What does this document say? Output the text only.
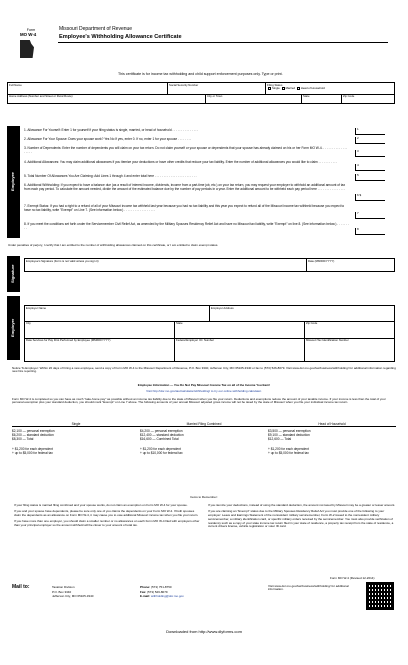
Form
MO W-4
Missouri Department of Revenue
Employee's Withholding Allowance Certificate
This certificate is for income tax withholding and child support enforcement purposes only. Type or print.
Full Name	Social Security Number	Filing Status
Single Married Head of Household
Home Address (Number and Street or Rural Route)	City or Town	State	Zip Code
Employee
1. Allowance For Yourself: Enter 1 for yourself if your filing status is single, married, or head of household . . . . . . . . . . . . . . .	1
2. Allowance For Your Spouse: Does your spouse work? Yes No If yes, enter 0. If no, enter 1 for your spouse . . . . . . . .	2
3. Number of Dependents: Enter the number of dependents you will claim on your tax return. Do not claim yourself or your spouse or dependents that your spouse has already claimed on his or her Form MO W-4. . . . . . . . . . . . . . . . . . . .	3
4. Additional Allowances: You may claim additional allowances if you itemize your deductions or have other credits that reduce your tax liability. Enter the number of additional allowances you would like to claim . . . . . . . . . . .
4
5. Total Number Of Allowances You Are Claiming: Add Lines 1 through 4 and enter total here . . . . . . . . . . . . . . . . . . . . . . . .	5
6. Additional Withholding: If you expect to have a balance due (as a result of interest income, dividends, income from a part-time job, etc.) on your tax return, you may request your employer to withhold an additional amount of tax from each pay period. To calculate the amount needed, divide the amount of the estimated balance due by the number of pay periods in a year. Enter the additional amount to be withheld each pay period here . . . . . . . . . . . . . . . .
6 $
7. Exempt Status: If you had a right to a refund of all of your Missouri income tax withheld last year because you had no tax liability and this year you expect to refund all of the Missouri income tax withheld because you expect to have no tax liability, write "Exempt" on Line 7. (See information below.) . . . . . . . . . . . . . . . . . .
7
8. If you meet the conditions set forth under the Servicemember Civil Relief Act, as amended by the Military Spouses Residency Relief Act and have no Missouri tax liability, write "Exempt" on line 8. (See information below.) . . . . . . . . .	8
Under penalties of perjury, I certify that I am entitled to the number of withholding allowances claimed on this certificate, or I am entitled to claim exempt status.
Signature
Employee's Signature (Form is not valid unless you sign it)	Date (MM/DD/YYYY)
Employer
Employer Name	Employer Address
City	State	Zip Code
Date Services for Pay First Performed by Employee (MM/DD/YYYY)	Federal Employer I.D. Number	Missouri Tax Identification Number
Notice To Employer: Within 20 days of hiring a new employee, send a copy of Form MO W-4 to the Missouri Department of Revenue, P.O. Box 3340, Jefferson City, MO 65105-3340 or fax to (573) 526-8079. Visit www.dor.mo.gov/tax/business/withholding/ for additional information regarding new hire reporting.
Employee Information — You Do Not Pay Missouri Income Tax on all of the Income You Earn!
Visit http://dor.mo.gov/tax/calculator/withholding/ to try our online withholding calculator.
Form MO W-4 is completed so you can have as much "take-home pay" as possible without an income tax liability due to the state of Missouri when you file your return. Deductions and exemptions reduce the amount of your taxable income. If your income is less than the total of your personal exemption plus your standard deduction, you should mark "Exempt" on Line 7 above. The following amounts of your annual Missouri adjusted gross income will not be taxed by the state of Missouri when you file your individual income tax return.
Single
$2,100 — personal exemption
$6,200 — standard deduction
$8,300 — Total
+ $1,200 for each dependent
+ up to $5,000 for federal tax
Married Filing Combined
$4,200 — personal exemption
$12,400 — standard deduction
$16,600 — Combined Total
+ $1,200 for each dependent
+ up to $10,000 for federal tax
Head of Household
$3,500 — personal exemption
$9,100 — standard deduction
$12,600 — Total
+ $1,200 for each dependent
+ up to $5,000 for federal tax
Items to Remember:

If your filing status is married filing combined and your spouse works, do not claim an exemption on Form MO W-4 for your spouse.

If you and your spouse have dependents, please be sure only one of you claims the dependents on your Form MO W-4. If both spouses claim the dependents as an allowance on Form MO W-4, it may cause you to owe additional Missouri income tax when you file your return.

If you have more than one employer, you should claim a smaller number or no allowances on each Form MO W-4 filed with employers other than your principal employer so the amount withheld will be closer to your amount of total tax.

If you itemize your deductions, instead of using the standard deduction, the amount not taxed by Missouri may be a greater or lesser amount.

If you are claiming an "Exempt" status due to the Military Spouses Residency Relief Act you must provide one of the following to your employer: Leave and Earnings Statement of the nonresident military servicemember, Form W-2 issued to the nonresident military servicemember, a military identification card, or specific military orders received by the servicemember. You must also provide verification of residency such as a copy of your state income tax return filed in your state of residence, a property tax receipt from the state of residence, a current drivers license, vehicle registration or voter ID card.

Form MO W-4 (Revised 12-2014)
Mail to:	Taxation Division
P.O. Box 3340
Jefferson City, MO 65105-3340
Phone: (573) 751-8750
Fax: (573) 526-8079
E-mail: withholding@dor.mo.gov
Visit www.dor.mo.gov/tax/business/withholding/ for additional information.
Downloaded from http://www.dlyforms.com
